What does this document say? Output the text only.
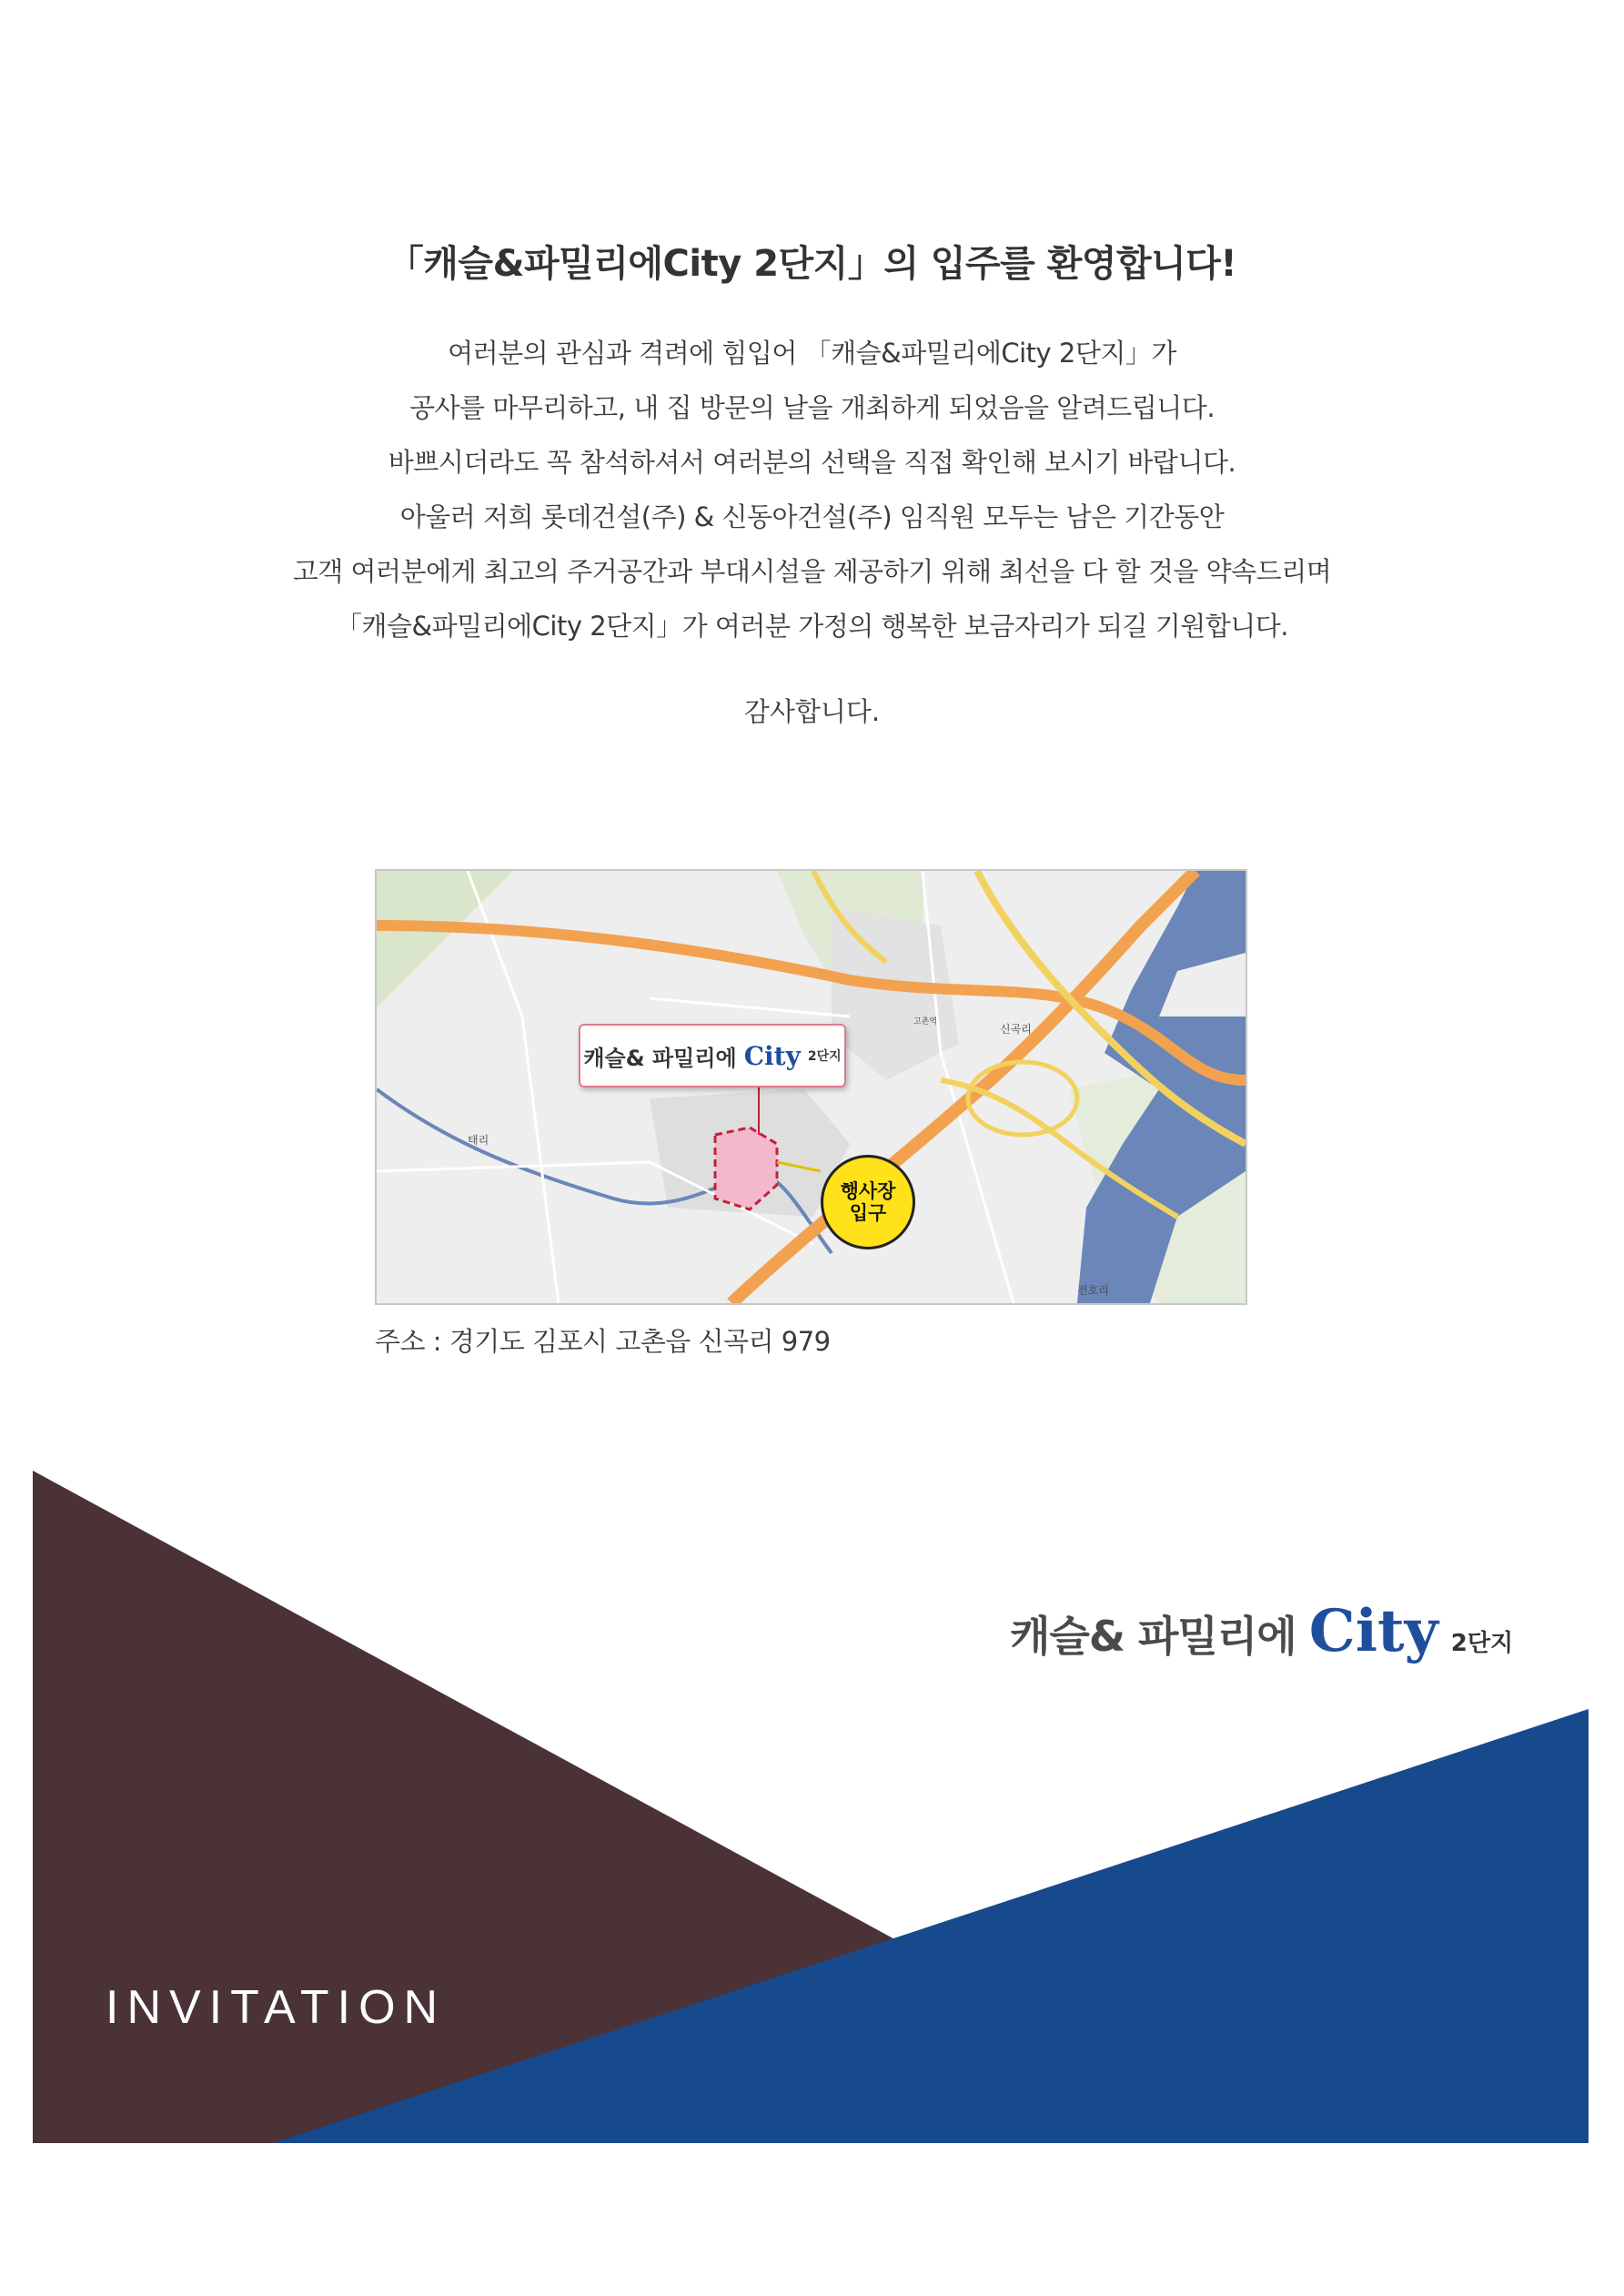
「캐슬&파밀리에City 2단지」의 입주를 환영합니다!
여러분의 관심과 격려에 힘입어 「캐슬&파밀리에City 2단지」가
공사를 마무리하고, 내 집 방문의 날을 개최하게 되었음을 알려드립니다.
바쁘시더라도 꼭 참석하셔서 여러분의 선택을 직접 확인해 보시기 바랍니다.
아울러 저희 롯데건설(주) & 신동아건설(주) 임직원 모두는 남은 기간동안
고객 여러분에게 최고의 주거공간과 부대시설을 제공하기 위해 최선을 다 할 것을 약속드리며
「캐슬&파밀리에City 2단지」가 여러분 가정의 행복한 보금자리가 되길 기원합니다.
감사합니다.
신곡리
태리
전호리
고촌역
캐슬& 파밀리에 City 2단지
행사장
입구
주소 : 경기도 김포시 고촌읍 신곡리 979
캐슬& 파밀리에 City 2단지
INVITATION
